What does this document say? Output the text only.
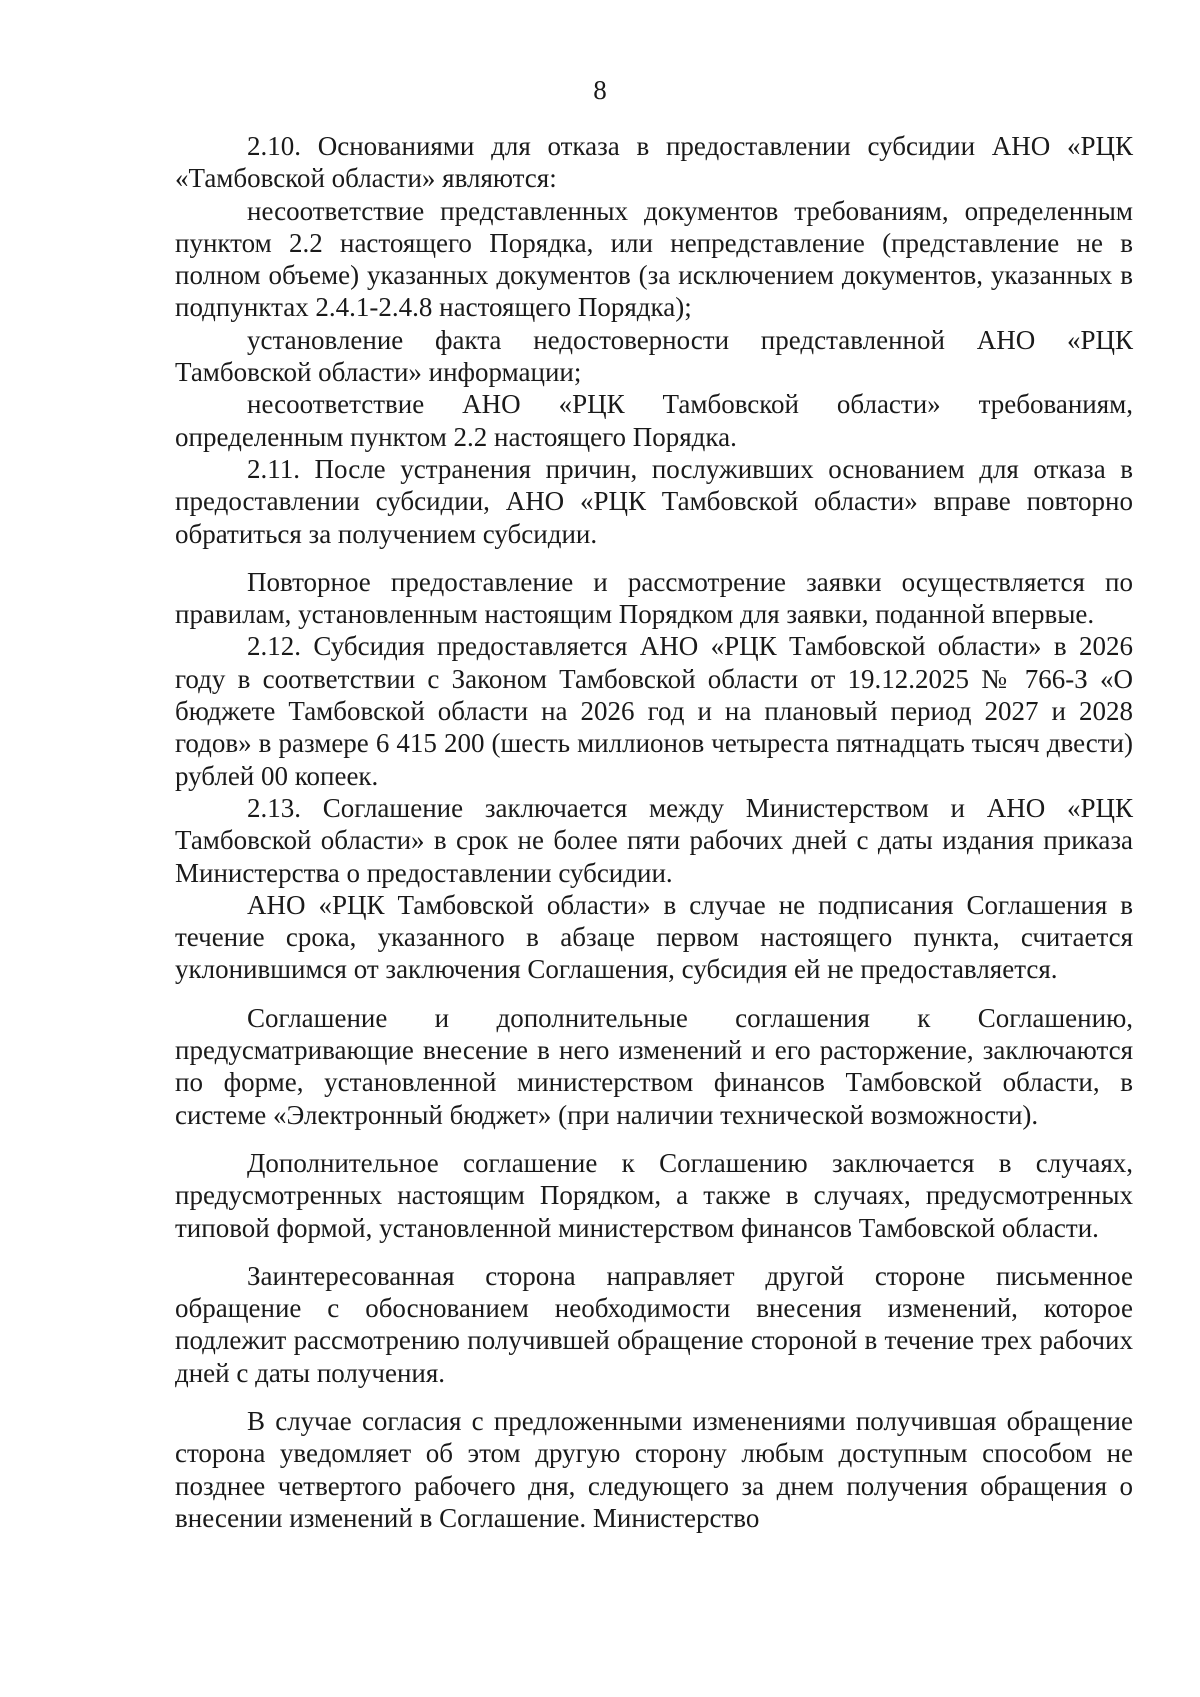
8

2.10. Основаниями для отказа в предоставлении субсидии АНО «РЦК «Тамбовской области» являются:

несоответствие представленных документов требованиям, определенным пунктом 2.2 настоящего Порядка, или непредставление (представление не в полном объеме) указанных документов (за исключением документов, указанных в подпунктах 2.4.1-2.4.8 настоящего Порядка);

установление факта недостоверности представленной АНО «РЦК Тамбовской области» информации;

несоответствие АНО «РЦК Тамбовской области» требованиям, определенным пунктом 2.2 настоящего Порядка.

2.11. После устранения причин, послуживших основанием для отказа в предоставлении субсидии, АНО «РЦК Тамбовской области» вправе повторно обратиться за получением субсидии.

Повторное предоставление и рассмотрение заявки осуществляется по правилам, установленным настоящим Порядком для заявки, поданной впервые.

2.12. Субсидия предоставляется АНО «РЦК Тамбовской области» в 2026 году в соответствии с Законом Тамбовской области от 19.12.2025 № 766-З «О бюджете Тамбовской области на 2026 год и на плановый период 2027 и 2028 годов» в размере 6 415 200 (шесть миллионов четыреста пятнадцать тысяч двести) рублей 00 копеек.

2.13. Соглашение заключается между Министерством и АНО «РЦК Тамбовской области» в срок не более пяти рабочих дней с даты издания приказа Министерства о предоставлении субсидии.

АНО «РЦК Тамбовской области» в случае не подписания Соглашения в течение срока, указанного в абзаце первом настоящего пункта, считается уклонившимся от заключения Соглашения, субсидия ей не предоставляется.

Соглашение и дополнительные соглашения к Соглашению, предусматривающие внесение в него изменений и его расторжение, заключаются по форме, установленной министерством финансов Тамбовской области, в системе «Электронный бюджет» (при наличии технической возможности).

Дополнительное соглашение к Соглашению заключается в случаях, предусмотренных настоящим Порядком, а также в случаях, предусмотренных типовой формой, установленной министерством финансов Тамбовской области.

Заинтересованная сторона направляет другой стороне письменное обращение с обоснованием необходимости внесения изменений, которое подлежит рассмотрению получившей обращение стороной в течение трех рабочих дней с даты получения.

В случае согласия с предложенными изменениями получившая обращение сторона уведомляет об этом другую сторону любым доступным способом не позднее четвертого рабочего дня, следующего за днем получения обращения о внесении изменений в Соглашение. Министерство
